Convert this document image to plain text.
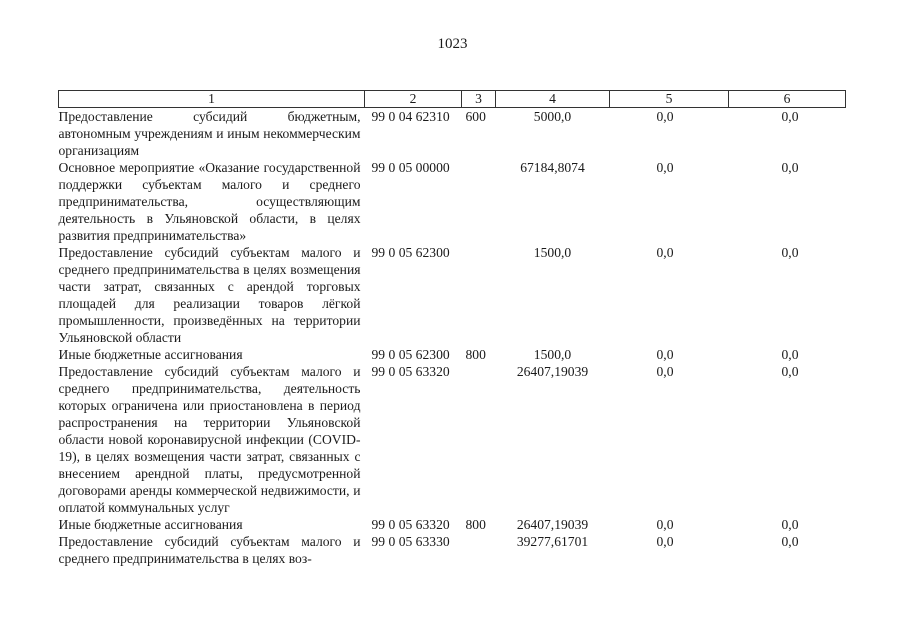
1023
1	2	3	4	5	6
Предоставление субсидий бюджетным, автономным учреждениям и иным некоммерческим организациям	99 0 04 62310	600	5000,0	0,0	0,0
Основное мероприятие «Оказание государственной поддержки субъектам малого и среднего предпринимательства, осуществляющим деятельность в Ульяновской области, в целях развития предпринимательства»	99 0 05 00000		67184,8074	0,0	0,0
Предоставление субсидий субъектам малого и среднего предпринимательства в целях возмещения части затрат, связанных с арендой торговых площадей для реализации товаров лёгкой промышленности, произведённых на территории Ульяновской области	99 0 05 62300		1500,0	0,0	0,0
Иные бюджетные ассигнования	99 0 05 62300	800	1500,0	0,0	0,0
Предоставление субсидий субъектам малого и среднего предпринимательства, деятельность которых ограничена или приостановлена в период распространения на территории Ульяновской области новой коронавирусной инфекции (COVID-19), в целях возмещения части затрат, связанных с внесением арендной платы, предусмотренной договорами аренды коммерческой недвижимости, и оплатой коммунальных услуг	99 0 05 63320		26407,19039	0,0	0,0
Иные бюджетные ассигнования	99 0 05 63320	800	26407,19039	0,0	0,0
Предоставление субсидий субъектам малого и среднего предпринимательства в целях воз-	99 0 05 63330		39277,61701	0,0	0,0
